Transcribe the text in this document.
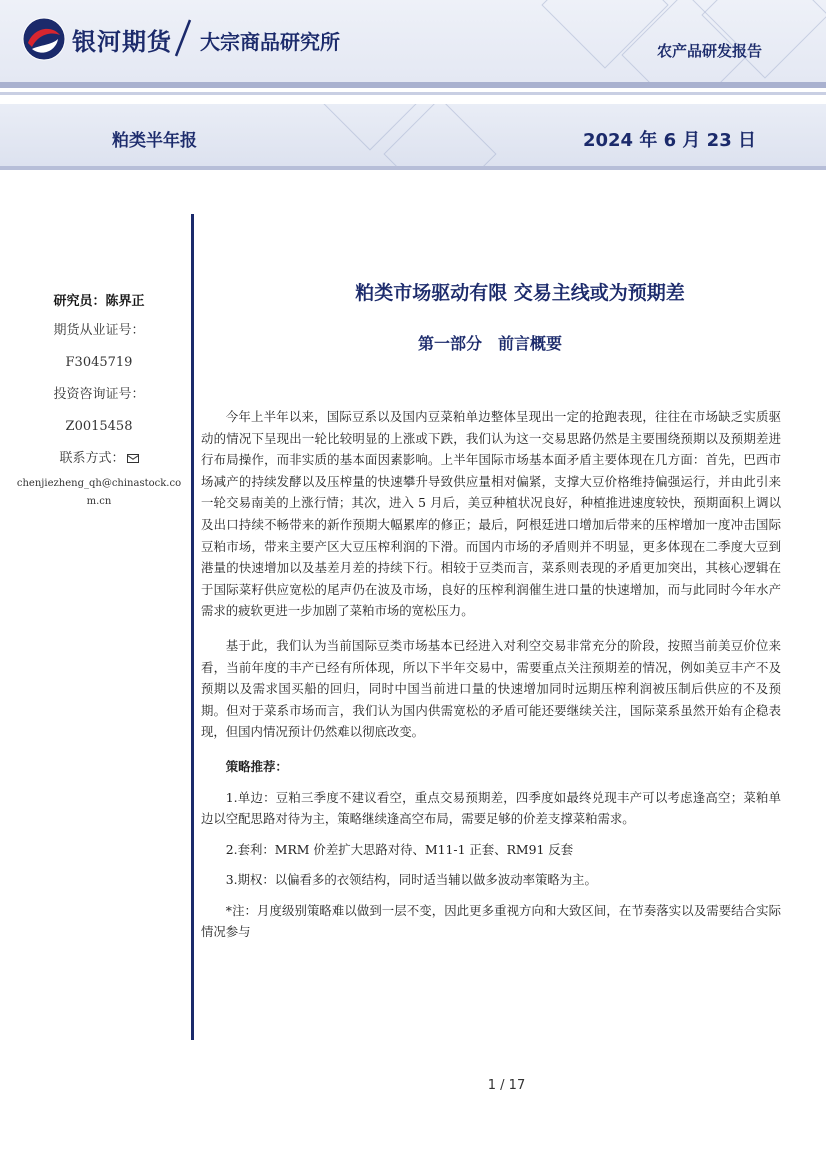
银河期货 大宗商品研究所	农产品研发报告
粕类半年报	2024 年 6 月 23 日
研究员：陈界正
期货从业证号：
F3045719
投资咨询证号：
Z0015458
联系方式：
chenjiezheng_qh@chinastock.com.cn
粕类市场驱动有限 交易主线或为预期差
第一部分　前言概要

今年上半年以来，国际豆系以及国内豆菜粕单边整体呈现出一定的抢跑表现，往往在市场缺乏实质驱动的情况下呈现出一轮比较明显的上涨或下跌，我们认为这一交易思路仍然是主要围绕预期以及预期差进行布局操作，而非实质的基本面因素影响。上半年国际市场基本面矛盾主要体现在几方面：首先，巴西市场减产的持续发酵以及压榨量的快速攀升导致供应量相对偏紧，支撑大豆价格维持偏强运行，并由此引来一轮交易南美的上涨行情；其次，进入 5 月后，美豆种植状况良好，种植推进速度较快，预期面积上调以及出口持续不畅带来的新作预期大幅累库的修正；最后，阿根廷进口增加后带来的压榨增加一度冲击国际豆粕市场，带来主要产区大豆压榨利润的下滑。而国内市场的矛盾则并不明显，更多体现在二季度大豆到港量的快速增加以及基差月差的持续下行。相较于豆类而言，菜系则表现的矛盾更加突出，其核心逻辑在于国际菜籽供应宽松的尾声仍在波及市场，良好的压榨利润催生进口量的快速增加，而与此同时今年水产需求的疲软更进一步加剧了菜粕市场的宽松压力。

基于此，我们认为当前国际豆类市场基本已经进入对利空交易非常充分的阶段，按照当前美豆价位来看，当前年度的丰产已经有所体现，所以下半年交易中，需要重点关注预期差的情况，例如美豆丰产不及预期以及需求国买船的回归，同时中国当前进口量的快速增加同时远期压榨利润被压制后供应的不及预期。但对于菜系市场而言，我们认为国内供需宽松的矛盾可能还要继续关注，国际菜系虽然开始有企稳表现，但国内情况预计仍然难以彻底改变。

策略推荐：

1.单边：豆粕三季度不建议看空，重点交易预期差，四季度如最终兑现丰产可以考虑逢高空；菜粕单边以空配思路对待为主，策略继续逢高空布局，需要足够的价差支撑菜粕需求。

2.套利：MRM 价差扩大思路对待、M11-1 正套、RM91 反套

3.期权：以偏看多的衣领结构，同时适当辅以做多波动率策略为主。

*注：月度级别策略难以做到一层不变，因此更多重视方向和大致区间，在节奏落实以及需要结合实际情况参与

1 / 17
